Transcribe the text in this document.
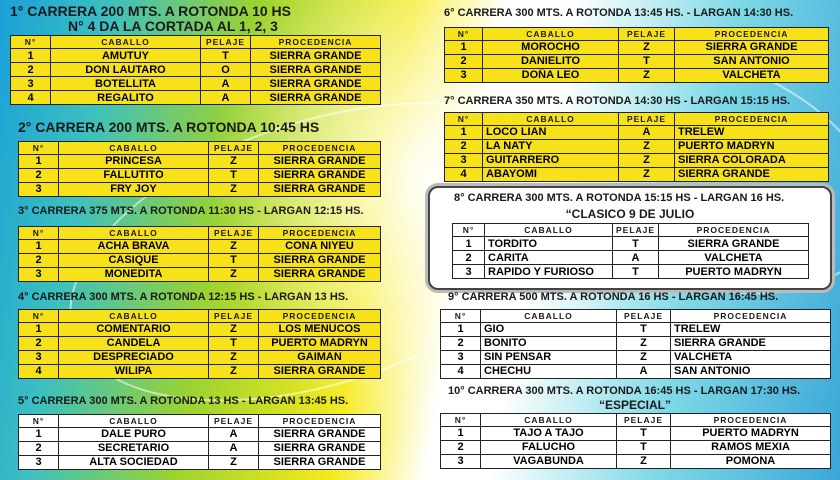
1° CARRERA 200 MTS. A ROTONDA 10 HS
N° 4 DA LA CORTADA AL 1, 2, 3
N°	CABALLO	PELAJE	PROCEDENCIA
1	AMUTUY	T	SIERRA GRANDE
2	DON LAUTARO	O	SIERRA GRANDE
3	BOTELLITA	A	SIERRA GRANDE
4	REGALITO	A	SIERRA GRANDE
2° CARRERA 200 MTS. A ROTONDA 10:45 HS
N°	CABALLO	PELAJE	PROCEDENCIA
1	PRINCESA	Z	SIERRA GRANDE
2	FALLUTITO	T	SIERRA GRANDE
3	FRY JOY	Z	SIERRA GRANDE
3° CARRERA 375 MTS. A ROTONDA 11:30 HS - LARGAN 12:15 HS.
N°	CABALLO	PELAJE	PROCEDENCIA
1	ACHA BRAVA	Z	CONA NIYEU
2	CASIQUE	T	SIERRA GRANDE
3	MONEDITA	Z	SIERRA GRANDE
4° CARRERA 300 MTS. A ROTONDA 12:15 HS - LARGAN 13 HS.
N°	CABALLO	PELAJE	PROCEDENCIA
1	COMENTARIO	Z	LOS MENUCOS
2	CANDELA	T	PUERTO MADRYN
3	DESPRECIADO	Z	GAIMAN
4	WILIPA	Z	SIERRA GRANDE
5° CARRERA 300 MTS. A ROTONDA 13 HS - LARGAN 13:45 HS.
N°	CABALLO	PELAJE	PROCEDENCIA
1	DALE PURO	A	SIERRA GRANDE
2	SECRETARIO	A	SIERRA GRANDE
3	ALTA SOCIEDAD	Z	SIERRA GRANDE
6° CARRERA 300 MTS. A ROTONDA 13:45 HS. - LARGAN 14:30 HS.
N°	CABALLO	PELAJE	PROCEDENCIA
1	MOROCHO	Z	SIERRA GRANDE
2	DANIELITO	T	SAN ANTONIO
3	DOÑA LEO	Z	VALCHETA
7° CARRERA 350 MTS. A ROTONDA 14:30 HS - LARGAN 15:15 HS.
N°	CABALLO	PELAJE	PROCEDENCIA
1	LOCO LIAN	A	TRELEW
2	LA NATY	Z	PUERTO MADRYN
3	GUITARRERO	Z	SIERRA COLORADA
4	ABAYOMI	Z	SIERRA GRANDE
8° CARRERA 300 MTS. A ROTONDA 15:15 HS - LARGAN 16 HS.
“CLASICO 9 DE JULIO
N°	CABALLO	PELAJE	PROCEDENCIA
1	TORDITO	T	SIERRA GRANDE
2	CARITA	A	VALCHETA
3	RAPIDO Y FURIOSO	T	PUERTO MADRYN
9° CARRERA 500 MTS. A ROTONDA 16 HS - LARGAN 16:45 HS.
N°	CABALLO	PELAJE	PROCEDENCIA
1	GIO	T	TRELEW
2	BONITO	Z	SIERRA GRANDE
3	SIN PENSAR	Z	VALCHETA
4	CHECHU	A	SAN ANTONIO
10° CARRERA 300 MTS. A ROTONDA 16:45 HS - LARGAN 17:30 HS.
“ESPECIAL”
N°	CABALLO	PELAJE	PROCEDENCIA
1	TAJO A TAJO	T	PUERTO MADRYN
2	FALUCHO	T	RAMOS MEXIA
3	VAGABUNDA	Z	POMONA
